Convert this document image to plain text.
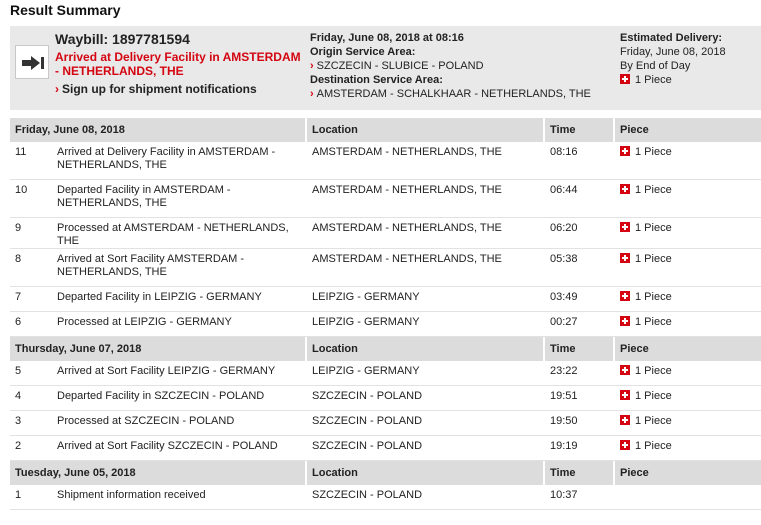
Result Summary
Waybill: 1897781594
Arrived at Delivery Facility in AMSTERDAM - NETHERLANDS, THE
› Sign up for shipment notifications
Friday, June 08, 2018 at 08:16
Origin Service Area:
› SZCZECIN - SLUBICE - POLAND
Destination Service Area:
› AMSTERDAM - SCHALKHAAR - NETHERLANDS, THE
Estimated Delivery:
Friday, June 08, 2018
By End of Day
1 Piece
Friday, June 08, 2018		Location	Time	Piece
11	Arrived at Delivery Facility in AMSTERDAM - NETHERLANDS, THE	AMSTERDAM - NETHERLANDS, THE	08:16	1 Piece
10	Departed Facility in AMSTERDAM - NETHERLANDS, THE	AMSTERDAM - NETHERLANDS, THE	06:44	1 Piece
9	Processed at AMSTERDAM - NETHERLANDS, THE	AMSTERDAM - NETHERLANDS, THE	06:20	1 Piece
8	Arrived at Sort Facility AMSTERDAM - NETHERLANDS, THE	AMSTERDAM - NETHERLANDS, THE	05:38	1 Piece
7	Departed Facility in LEIPZIG - GERMANY	LEIPZIG - GERMANY	03:49	1 Piece
6	Processed at LEIPZIG - GERMANY	LEIPZIG - GERMANY	00:27	1 Piece
Thursday, June 07, 2018		Location	Time	Piece
5	Arrived at Sort Facility LEIPZIG - GERMANY	LEIPZIG - GERMANY	23:22	1 Piece
4	Departed Facility in SZCZECIN - POLAND	SZCZECIN - POLAND	19:51	1 Piece
3	Processed at SZCZECIN - POLAND	SZCZECIN - POLAND	19:50	1 Piece
2	Arrived at Sort Facility SZCZECIN - POLAND	SZCZECIN - POLAND	19:19	1 Piece
Tuesday, June 05, 2018		Location	Time	Piece
1	Shipment information received	SZCZECIN - POLAND	10:37	
